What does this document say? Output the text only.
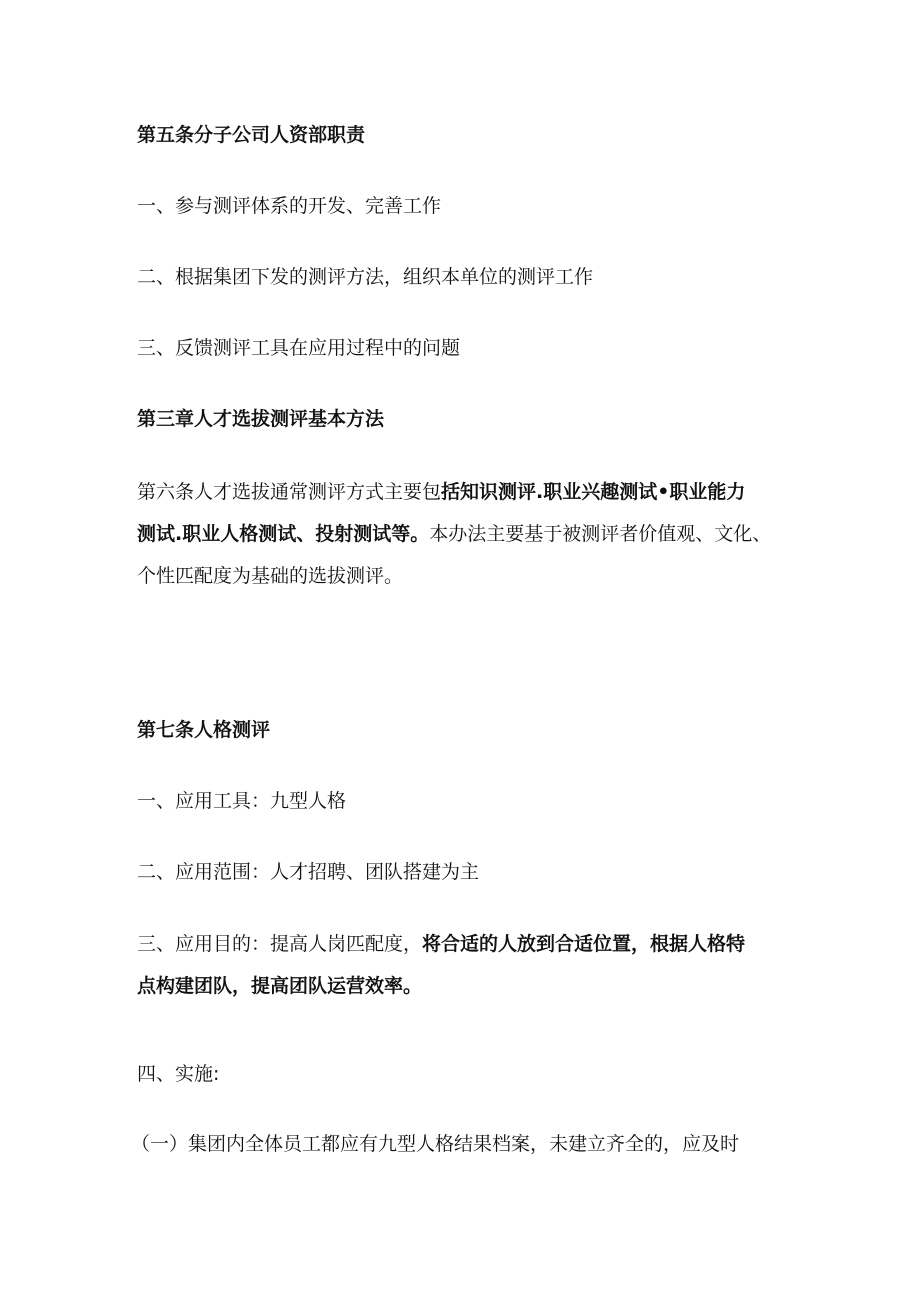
第五条分子公司人资部职责
一、参与测评体系的开发、完善工作
二、根据集团下发的测评方法，组织本单位的测评工作
三、反馈测评工具在应用过程中的问题
第三章人才选拔测评基本方法
第六条人才选拔通常测评方式主要包括知识测评.职业兴趣测试•职业能力
测试.职业人格测试、投射测试等。本办法主要基于被测评者价值观、文化、
个性匹配度为基础的选拔测评。
第七条人格测评
一、应用工具：九型人格
二、应用范围：人才招聘、团队搭建为主
三、应用目的：提高人岗匹配度，将合适的人放到合适位置，根据人格特
点构建团队，提高团队运营效率。
四、实施:
（一）集团内全体员工都应有九型人格结果档案，未建立齐全的，应及时
